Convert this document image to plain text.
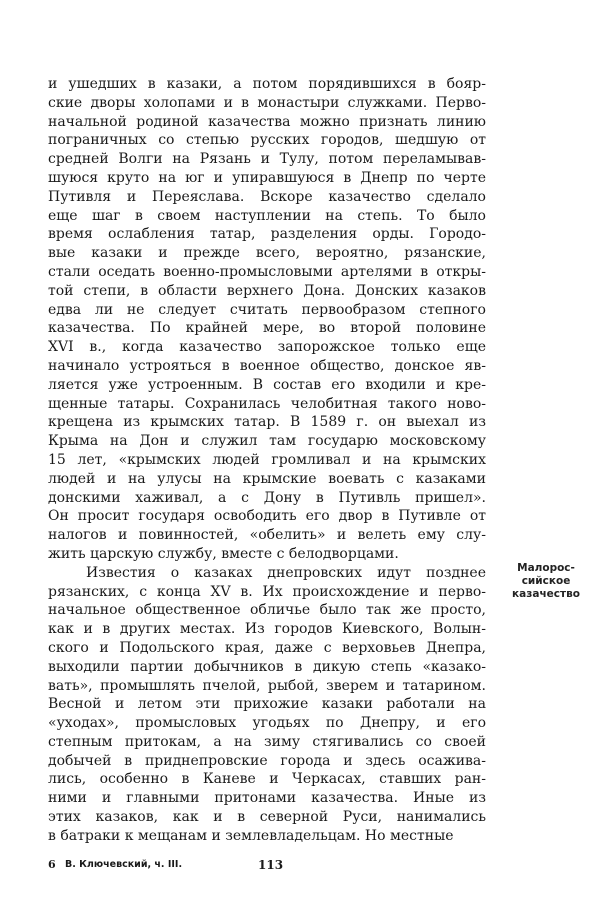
и ушедших в казаки, а потом порядившихся в бояр-
ские дворы холопами и в монастыри служками. Перво-
начальной родиной казачества можно признать линию
пограничных со степью русских городов, шедшую от
средней Волги на Рязань и Тулу, потом переламывав-
шуюся круто на юг и упиравшуюся в Днепр по черте
Путивля и Переяслава. Вскоре казачество сделало
еще шаг в своем наступлении на степь. То было
время ослабления татар, разделения орды. Городо-
вые казаки и прежде всего, вероятно, рязанские,
стали оседать военно-промысловыми артелями в откры-
той степи, в области верхнего Дона. Донских казаков
едва ли не следует считать первообразом степного
казачества. По крайней мере, во второй половине
XVI в., когда казачество запорожское только еще
начинало устрояться в военное общество, донское яв-
ляется уже устроенным. В состав его входили и кре-
щенные татары. Сохранилась челобитная такого ново-
крещена из крымских татар. В 1589 г. он выехал из
Крыма на Дон и служил там государю московскому
15 лет, «крымских людей громливал и на крымских
людей и на улусы на крымские воевать с казаками
донскими хаживал, а с Дону в Путивль пришел».
Он просит государя освободить его двор в Путивле от
налогов и повинностей, «обелить» и велеть ему слу-
жить царскую службу, вместе с белодворцами.
Известия о казаках днепровских идут позднее
рязанских, с конца XV в. Их происхождение и перво-
начальное общественное обличье было так же просто,
как и в других местах. Из городов Киевского, Волын-
ского и Подольского края, даже с верховьев Днепра,
выходили партии добычников в дикую степь «казако-
вать», промышлять пчелой, рыбой, зверем и татарином.
Весной и летом эти прихожие казаки работали на
«уходах», промысловых угодьях по Днепру, и его
степным притокам, а на зиму стягивались со своей
добычей в приднепровские города и здесь осажива-
лись, особенно в Каневе и Черкасах, ставших ран-
ними и главными притонами казачества. Иные из
этих казаков, как и в северной Руси, нанимались
в батраки к мещанам и землевладельцам. Но местные
Малорос-
сийское
казачество
6 В. Ключевский, ч. III.	113
